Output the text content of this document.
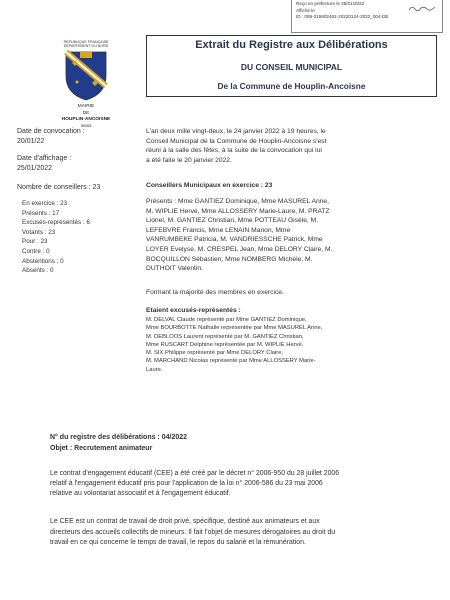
Reçu en préfecture le 25/01/2022
Affiché le
ID : 059-215902462-20220124-2022_004-DE
RÉPUBLIQUE FRANÇAISE
DÉPARTEMENT DU NORD
MAIRIE
DE
HOUPLIN-ANCOISNE
59263
Extrait du Registre aux Délibérations
DU CONSEIL MUNICIPAL
De la Commune de Houplin-Ancoisne
Date de convocation :
20/01/22
Date d'affichage :
25/01/2022
Nombre de conseillers : 23
En exercice : 23
Présents : 17
Excusés-représentés : 6
Votants : 23
Pour : 23
Contre : 0
Abstentions : 0
Absents : 0
L'an deux mille vingt-deux, le 24 janvier 2022 à 19 heures, le
Conseil Municipal de la Commune de Houplin-Ancoisne s'est
réuni à la salle des fêtes, à la suite de la convocation qui lui
a été faite le 20 janvier 2022.
Conseillers Municipaux en exercice : 23
Présents : Mme GANTIEZ Dominique, Mme MASUREL Anne,
M. WIPLIE Hervé, Mme ALLOSSERY Marie-Laure, M. PRATZ
Lionel, M. GANTIEZ Christian, Mme POTTEAU Gisèle, M.
LEFEBVRE Francis, Mme LENAIN Manon, Mme
VANRUMBEKE Patricia, M. VANDRIESSCHE Patrick, Mme
LOYER Evelyse, M. CRESPEL Jean, Mme DELORY Claire, M.
BOCQUILLON Sébastien, Mme NOMBERG Michèle, M.
DUTHOIT Valentin.
Formant la majorité des membres en exercice.
Etaient excusés-représentés :
M. DELVAL Claude représenté par Mme GANTIEZ Dominique,
Mme BOURBOTTE Nathalie représentée par Mme MASUREL Anne,
M. DEBLOOS Laurent représenté par M. GANTIEZ Christian,
Mme RUSCART Delphine représentée par M. WIPLIE Hervé,
M. SIX Philippe représenté par Mme DELORY Claire,
M. MARCHAND Nicolas représenté par Mme ALLOSSERY Marie-
Laure.
N° du registre des délibérations : 04/2022
Objet : Recrutement animateur
Le contrat d'engagement éducatif (CEE) a été créé par le décret n° 2006-950 du 28 juillet 2006
relatif à l'engagement éducatif pris pour l'application de la loi n° 2006-586 du 23 mai 2006
relative au volontariat associatif et à l'engagement éducatif.
Le CEE est un contrat de travail de droit privé, spécifique, destiné aux animateurs et aux
directeurs des accueils collectifs de mineurs. Il fait l'objet de mesures dérogatoires au droit du
travail en ce qui concerne le temps de travail, le repos du salarié et la rémunération.
